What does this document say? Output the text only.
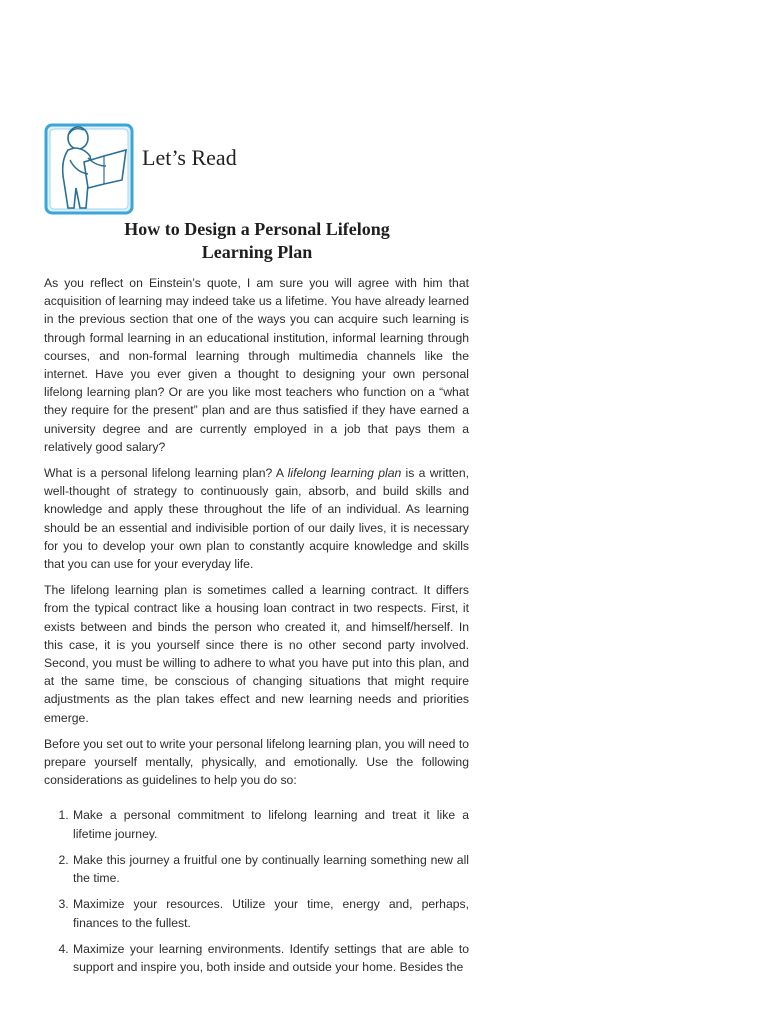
Let’s Read
How to Design a Personal Lifelong
Learning Plan

As you reflect on Einstein’s quote, I am sure you will agree with him that acquisition of learning may indeed take us a lifetime. You have already learned in the previous section that one of the ways you can acquire such learning is through formal learning in an educational institution, informal learning through courses, and non-formal learning through multimedia channels like the internet. Have you ever given a thought to designing your own personal lifelong learning plan? Or are you like most teachers who function on a “what they require for the present” plan and are thus satisfied if they have earned a university degree and are currently employed in a job that pays them a relatively good salary?

What is a personal lifelong learning plan? A lifelong learning plan is a written, well-thought of strategy to continuously gain, absorb, and build skills and knowledge and apply these throughout the life of an individual. As learning should be an essential and indivisible portion of our daily lives, it is necessary for you to develop your own plan to constantly acquire knowledge and skills that you can use for your everyday life.

The lifelong learning plan is sometimes called a learning contract. It differs from the typical contract like a housing loan contract in two respects. First, it exists between and binds the person who created it, and himself/herself. In this case, it is you yourself since there is no other second party involved. Second, you must be willing to adhere to what you have put into this plan, and at the same time, be conscious of changing situations that might require adjustments as the plan takes effect and new learning needs and priorities emerge.

Before you set out to write your personal lifelong learning plan, you will need to prepare yourself mentally, physically, and emotionally. Use the following considerations as guidelines to help you do so:

1. Make a personal commitment to lifelong learning and treat it like a lifetime journey.
2. Make this journey a fruitful one by continually learning something new all the time.
3. Maximize your resources. Utilize your time, energy and, perhaps, finances to the fullest.
4. Maximize your learning environments. Identify settings that are able to support and inspire you, both inside and outside your home. Besides the
